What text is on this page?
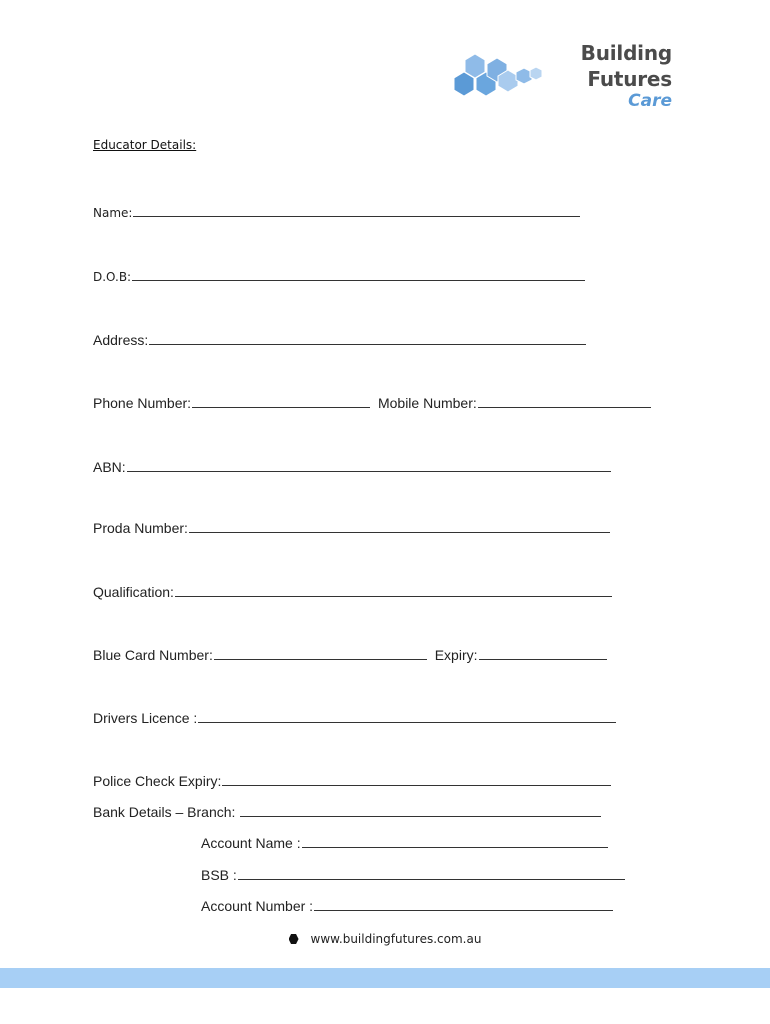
Building Futures
Care
Educator Details:
Name:
D.O.B:
Address:
Phone Number:	Mobile Number:
ABN:
Proda Number:
Qualification:
Blue Card Number:	Expiry:
Drivers Licence :
Police Check Expiry:
Bank Details – Branch:
Account Name :
BSB :
Account Number :
www.buildingfutures.com.au
